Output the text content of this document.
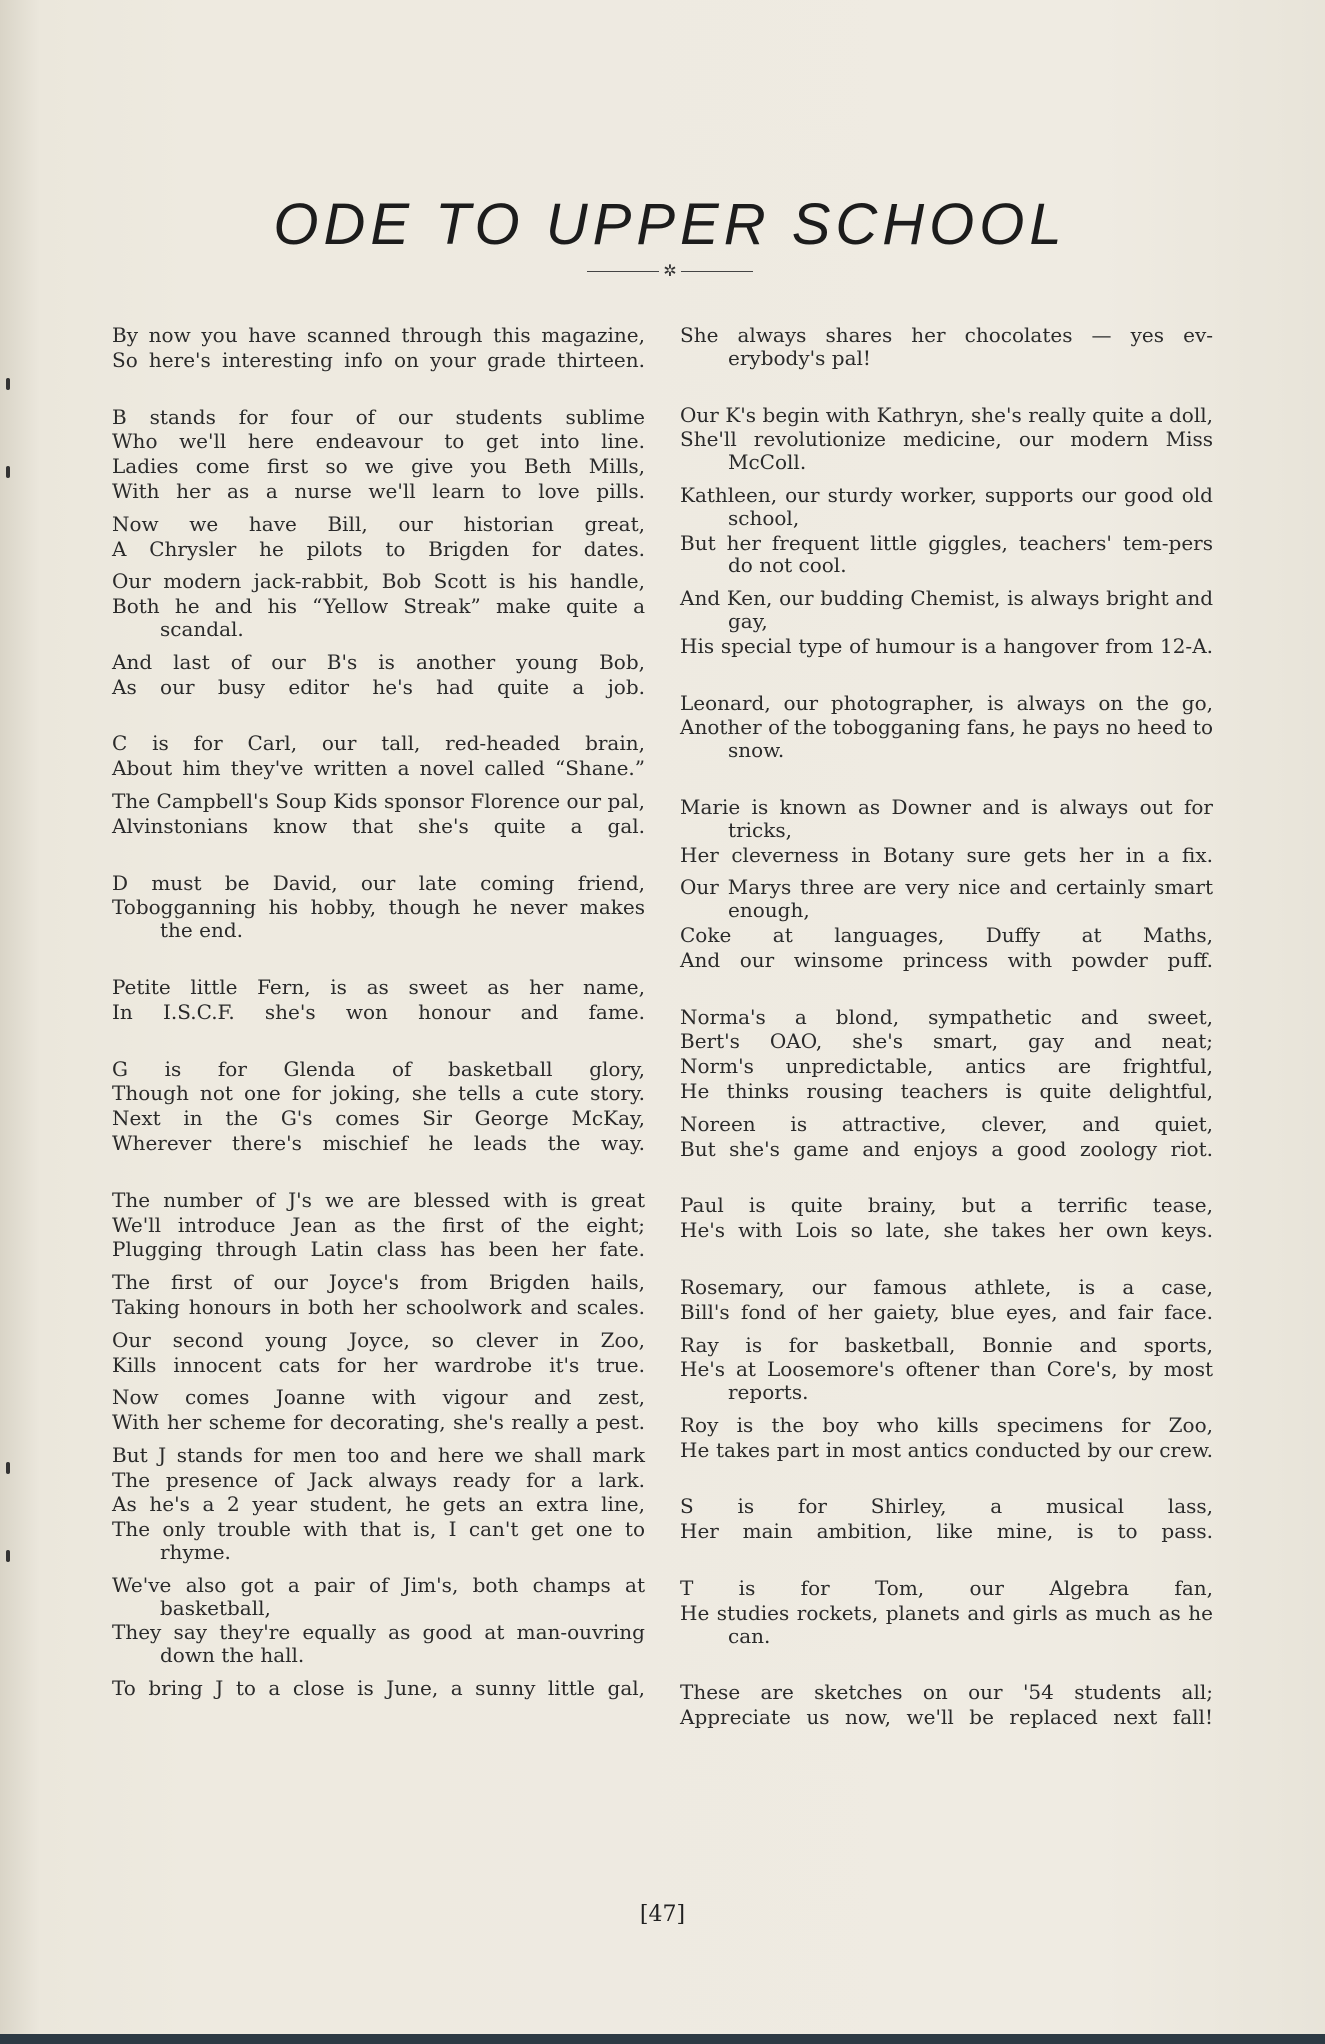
ODE TO UPPER SCHOOL
✲
By now you have scanned through this magazine,
So here's interesting info on your grade thirteen.
B stands for four of our students sublime
Who we'll here endeavour to get into line.
Ladies come first so we give you Beth Mills,
With her as a nurse we'll learn to love pills.
Now we have Bill, our historian great,
A Chrysler he pilots to Brigden for dates.
Our modern jack-rabbit, Bob Scott is his handle,
Both he and his “Yellow Streak” make quite a scandal.
And last of our B's is another young Bob,
As our busy editor he's had quite a job.
C is for Carl, our tall, red-headed brain,
About him they've written a novel called “Shane.”
The Campbell's Soup Kids sponsor Florence our pal,
Alvinstonians know that she's quite a gal.
D must be David, our late coming friend,
Tobogganning his hobby, though he never makes the end.
Petite little Fern, is as sweet as her name,
In I.S.C.F. she's won honour and fame.
G is for Glenda of basketball glory,
Though not one for joking, she tells a cute story.
Next in the G's comes Sir George McKay,
Wherever there's mischief he leads the way.
The number of J's we are blessed with is great
We'll introduce Jean as the first of the eight;
Plugging through Latin class has been her fate.
The first of our Joyce's from Brigden hails,
Taking honours in both her schoolwork and scales.
Our second young Joyce, so clever in Zoo,
Kills innocent cats for her wardrobe it's true.
Now comes Joanne with vigour and zest,
With her scheme for decorating, she's really a pest.
But J stands for men too and here we shall mark
The presence of Jack always ready for a lark.
As he's a 2 year student, he gets an extra line,
The only trouble with that is, I can't get one to rhyme.
We've also got a pair of Jim's, both champs at basketball,
They say they're equally as good at man-ouvring down the hall.
To bring J to a close is June, a sunny little gal,
She always shares her chocolates — yes ev-erybody's pal!
Our K's begin with Kathryn, she's really quite a doll,
She'll revolutionize medicine, our modern Miss McColl.
Kathleen, our sturdy worker, supports our good old school,
But her frequent little giggles, teachers' tem-pers do not cool.
And Ken, our budding Chemist, is always bright and gay,
His special type of humour is a hangover from 12-A.
Leonard, our photographer, is always on the go,
Another of the tobogganing fans, he pays no heed to snow.
Marie is known as Downer and is always out for tricks,
Her cleverness in Botany sure gets her in a fix.
Our Marys three are very nice and certainly smart enough,
Coke at languages, Duffy at Maths,
And our winsome princess with powder puff.
Norma's a blond, sympathetic and sweet,
Bert's OAO, she's smart, gay and neat;
Norm's unpredictable, antics are frightful,
He thinks rousing teachers is quite delightful,
Noreen is attractive, clever, and quiet,
But she's game and enjoys a good zoology riot.
Paul is quite brainy, but a terrific tease,
He's with Lois so late, she takes her own keys.
Rosemary, our famous athlete, is a case,
Bill's fond of her gaiety, blue eyes, and fair face.
Ray is for basketball, Bonnie and sports,
He's at Loosemore's oftener than Core's, by most reports.
Roy is the boy who kills specimens for Zoo,
He takes part in most antics conducted by our crew.
S is for Shirley, a musical lass,
Her main ambition, like mine, is to pass.
T is for Tom, our Algebra fan,
He studies rockets, planets and girls as much as he can.
These are sketches on our '54 students all;
Appreciate us now, we'll be replaced next fall!
[47]
